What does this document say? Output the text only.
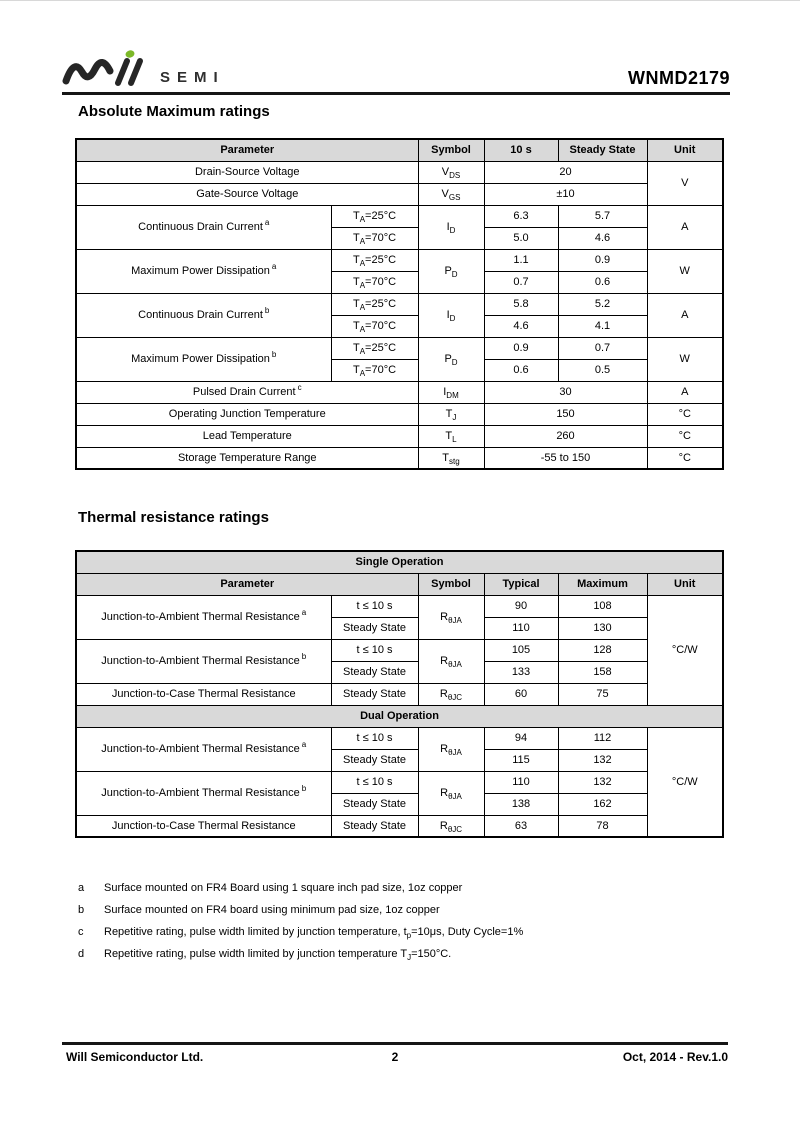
SEMI	WNMD2179
Absolute Maximum ratings
Parameter		Symbol	10 s	Steady State	Unit
Drain-Source Voltage		$V_{DS}$	20		V
Gate-Source Voltage		$V_{GS}$	±10		
Continuous Drain Current $^a$	$T_A=25^\circ C$	$I_D$	6.3	5.7	A
	$T_A=70^\circ C$		5.0	4.6	
Maximum Power Dissipation $^a$	$T_A=25^\circ C$	$P_D$	1.1	0.9	W
	$T_A=70^\circ C$		0.7	0.6	
Continuous Drain Current $^b$	$T_A=25^\circ C$	$I_D$	5.8	5.2	A
	$T_A=70^\circ C$		4.6	4.1	
Maximum Power Dissipation $^b$	$T_A=25^\circ C$	$P_D$	0.9	0.7	W
	$T_A=70^\circ C$		0.6	0.5	
Pulsed Drain Current $^c$		$I_{DM}$	30		A
Operating Junction Temperature		$T_J$	150		°C
Lead Temperature		$T_L$	260		°C
Storage Temperature Range		$T_{stg}$	-55 to 150		°C
Thermal resistance ratings
Single Operation					
Parameter		Symbol	Typical	Maximum	Unit
Junction-to-Ambient Thermal Resistance $^a$	t ≤ 10 s	$R_{\theta JA}$	90	108	°C/W
	Steady State		110	130	
Junction-to-Ambient Thermal Resistance $^b$	t ≤ 10 s	$R_{\theta JA}$	105	128	
	Steady State		133	158	
Junction-to-Case Thermal Resistance	Steady State	$R_{\theta JC}$	60	75	
Dual Operation					
Junction-to-Ambient Thermal Resistance $^a$	t ≤ 10 s	$R_{\theta JA}$	94	112	°C/W
	Steady State		115	132	
Junction-to-Ambient Thermal Resistance $^b$	t ≤ 10 s	$R_{\theta JA}$	110	132	
	Steady State		138	162	
Junction-to-Case Thermal Resistance	Steady State	$R_{\theta JC}$	63	78	
a	Surface mounted on FR4 Board using 1 square inch pad size, 1oz copper
b	Surface mounted on FR4 board using minimum pad size, 1oz copper
c	Repetitive rating, pulse width limited by junction temperature, $t_p=10\mu s$, Duty Cycle=1%
d	Repetitive rating, pulse width limited by junction temperature $T_J=150^\circ C$.
Will Semiconductor Ltd.	2	Oct, 2014 - Rev.1.0
